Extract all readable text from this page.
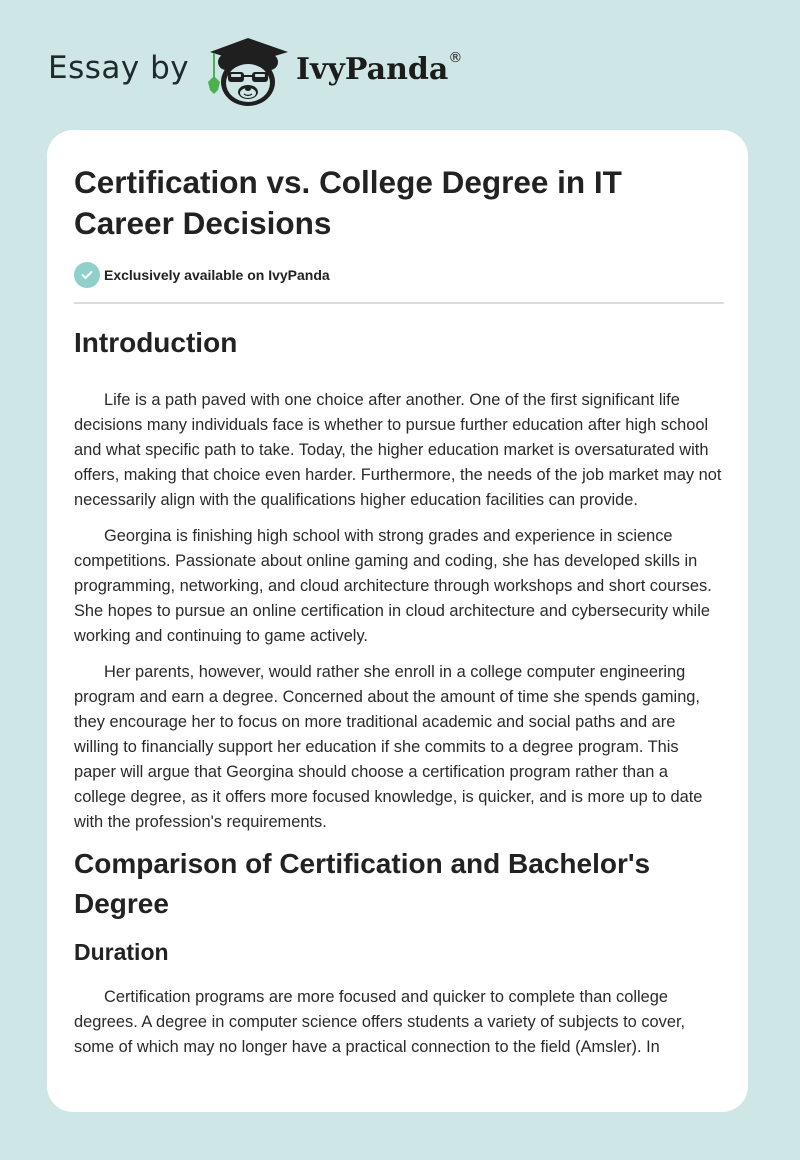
Essay by	IvyPanda®
Certification vs. College Degree in IT Career Decisions
Exclusively available on IvyPanda
Introduction

Life is a path paved with one choice after another. One of the first significant life decisions many individuals face is whether to pursue further education after high school and what specific path to take. Today, the higher education market is oversaturated with offers, making that choice even harder. Furthermore, the needs of the job market may not necessarily align with the qualifications higher education facilities can provide.

Georgina is finishing high school with strong grades and experience in science competitions. Passionate about online gaming and coding, she has developed skills in programming, networking, and cloud architecture through workshops and short courses. She hopes to pursue an online certification in cloud architecture and cybersecurity while working and continuing to game actively.

Her parents, however, would rather she enroll in a college computer engineering program and earn a degree. Concerned about the amount of time she spends gaming, they encourage her to focus on more traditional academic and social paths and are willing to financially support her education if she commits to a degree program. This paper will argue that Georgina should choose a certification program rather than a college degree, as it offers more focused knowledge, is quicker, and is more up to date with the profession's requirements.

Comparison of Certification and Bachelor's Degree
Duration

Certification programs are more focused and quicker to complete than college degrees. A degree in computer science offers students a variety of subjects to cover, some of which may no longer have a practical connection to the field (Amsler). In
